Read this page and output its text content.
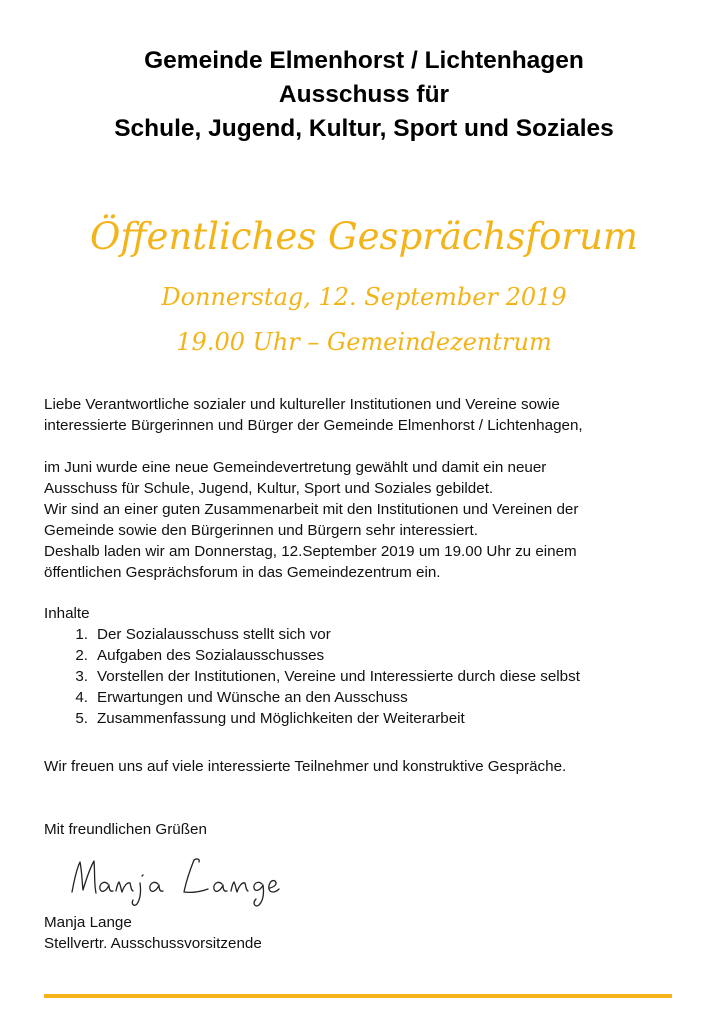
Gemeinde Elmenhorst / Lichtenhagen
Ausschuss für
Schule, Jugend, Kultur, Sport und Soziales
Öffentliches Gesprächsforum
Donnerstag, 12. September 2019
19.00 Uhr – Gemeindezentrum
Liebe Verantwortliche sozialer und kultureller Institutionen und Vereine sowie
interessierte Bürgerinnen und Bürger der Gemeinde Elmenhorst / Lichtenhagen,
im Juni wurde eine neue Gemeindevertretung gewählt und damit ein neuer
Ausschuss für Schule, Jugend, Kultur, Sport und Soziales gebildet.
Wir sind an einer guten Zusammenarbeit mit den Institutionen und Vereinen der
Gemeinde sowie den Bürgerinnen und Bürgern sehr interessiert.
Deshalb laden wir am Donnerstag, 12.September 2019 um 19.00 Uhr zu einem
öffentlichen Gesprächsforum in das Gemeindezentrum ein.
Inhalte
1 . Der Sozialausschuss stellt sich vor
2 . Aufgaben des Sozialausschusses
3 . Vorstellen der Institutionen, Vereine und Interessierte durch diese selbst
4 . Erwartungen und Wünsche an den Ausschuss
5 . Zusammenfassung und Möglichkeiten der Weiterarbeit
Wir freuen uns auf viele interessierte Teilnehmer und konstruktive Gespräche.
Mit freundlichen Grüßen
Manja Lange
Stellvertr. Ausschussvorsitzende
